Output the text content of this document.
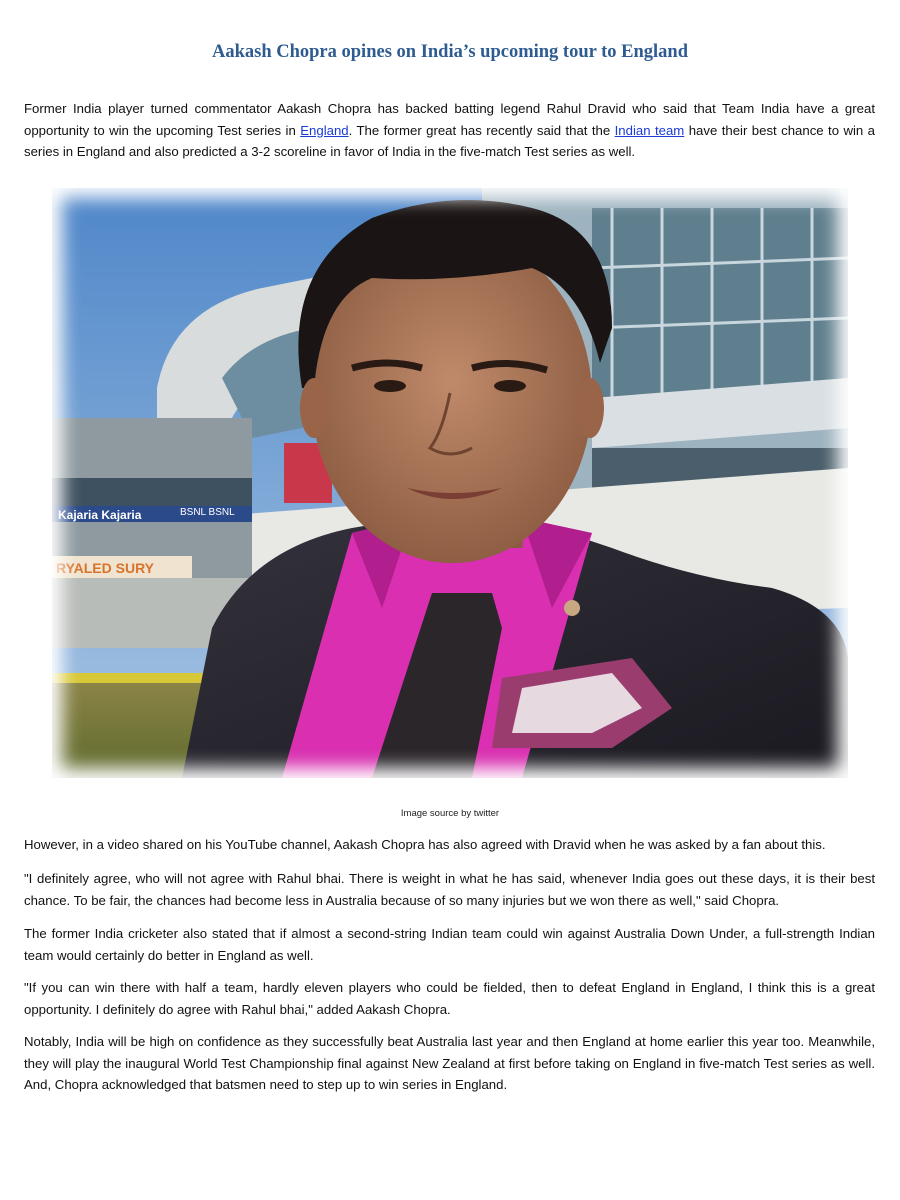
Aakash Chopra opines on India’s upcoming tour to England

Former India player turned commentator Aakash Chopra has backed batting legend Rahul Dravid who said that Team India have a great opportunity to win the upcoming Test series in England. The former great has recently said that the Indian team have their best chance to win a series in England and also predicted a 3-2 scoreline in favor of India in the five-match Test series as well.

Kajaria Kajaria	BSNL BSNL
RYALED SURY

Image source by twitter

However, in a video shared on his YouTube channel, Aakash Chopra has also agreed with Dravid when he was asked by a fan about this.

"I definitely agree, who will not agree with Rahul bhai. There is weight in what he has said, whenever India goes out these days, it is their best chance. To be fair, the chances had become less in Australia because of so many injuries but we won there as well," said Chopra.

The former India cricketer also stated that if almost a second-string Indian team could win against Australia Down Under, a full-strength Indian team would certainly do better in England as well.

"If you can win there with half a team, hardly eleven players who could be fielded, then to defeat England in England, I think this is a great opportunity. I definitely do agree with Rahul bhai," added Aakash Chopra.

Notably, India will be high on confidence as they successfully beat Australia last year and then England at home earlier this year too. Meanwhile, they will play the inaugural World Test Championship final against New Zealand at first before taking on England in five-match Test series as well. And, Chopra acknowledged that batsmen need to step up to win series in England.
